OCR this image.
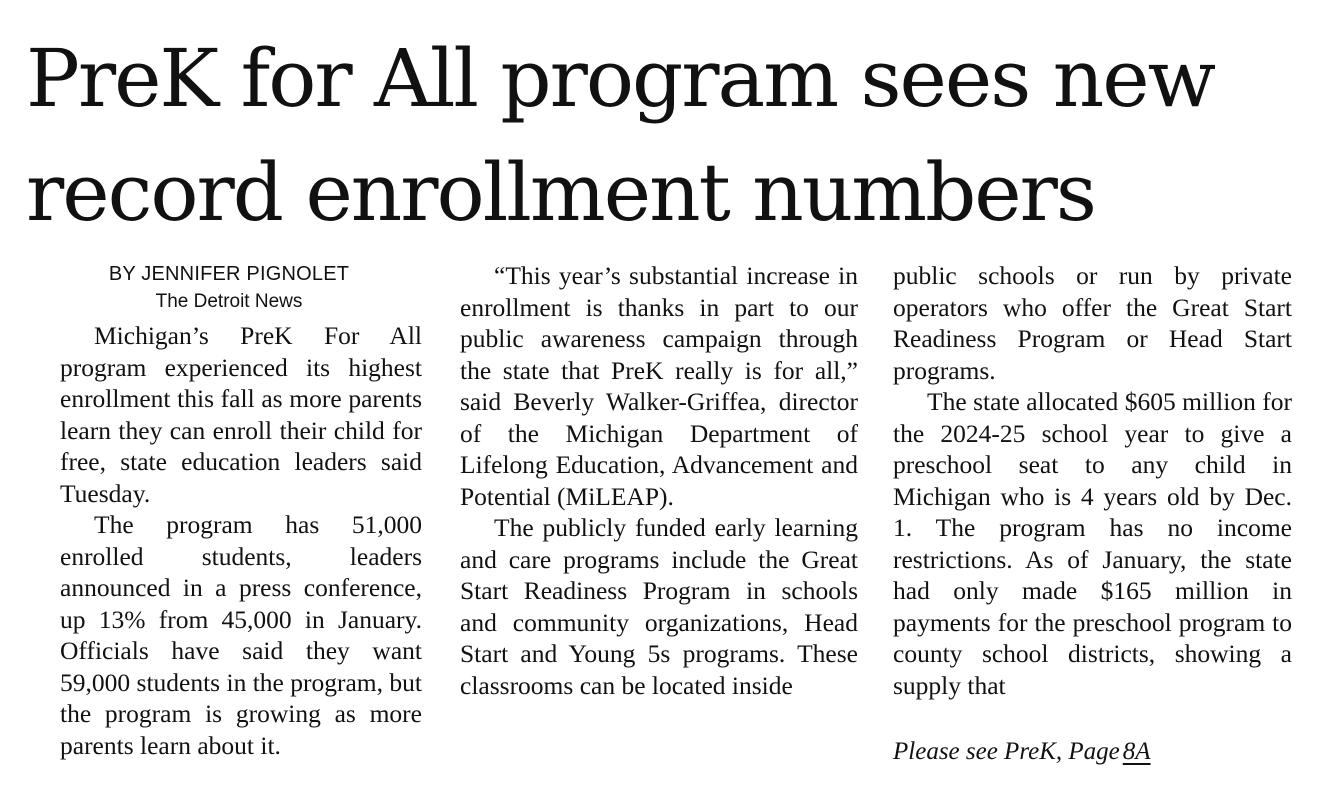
PreK for All program sees new record enrollment numbers
BY JENNIFER PIGNOLET
The Detroit News

Michigan’s PreK For All program experienced its highest enrollment this fall as more parents learn they can enroll their child for free, state education leaders said Tuesday.

The program has 51,000 enrolled students, leaders announced in a press conference, up 13% from 45,000 in January. Officials have said they want 59,000 students in the program, but the program is growing as more parents learn about it.

“This year’s substantial increase in enrollment is thanks in part to our public awareness campaign through the state that PreK really is for all,” said Beverly Walker-Griffea, director of the Michigan Department of Lifelong Education, Advancement and Potential (MiLEAP).

The publicly funded early learning and care programs include the Great Start Readiness Program in schools and community organizations, Head Start and Young 5s programs. These classrooms can be located inside

public schools or run by private operators who offer the Great Start Readiness Program or Head Start programs.

The state allocated $605 million for the 2024-25 school year to give a preschool seat to any child in Michigan who is 4 years old by Dec. 1. The program has no income restrictions. As of January, the state had only made $165 million in payments for the preschool program to county school districts, showing a supply that

Please see PreK, Page 8A
